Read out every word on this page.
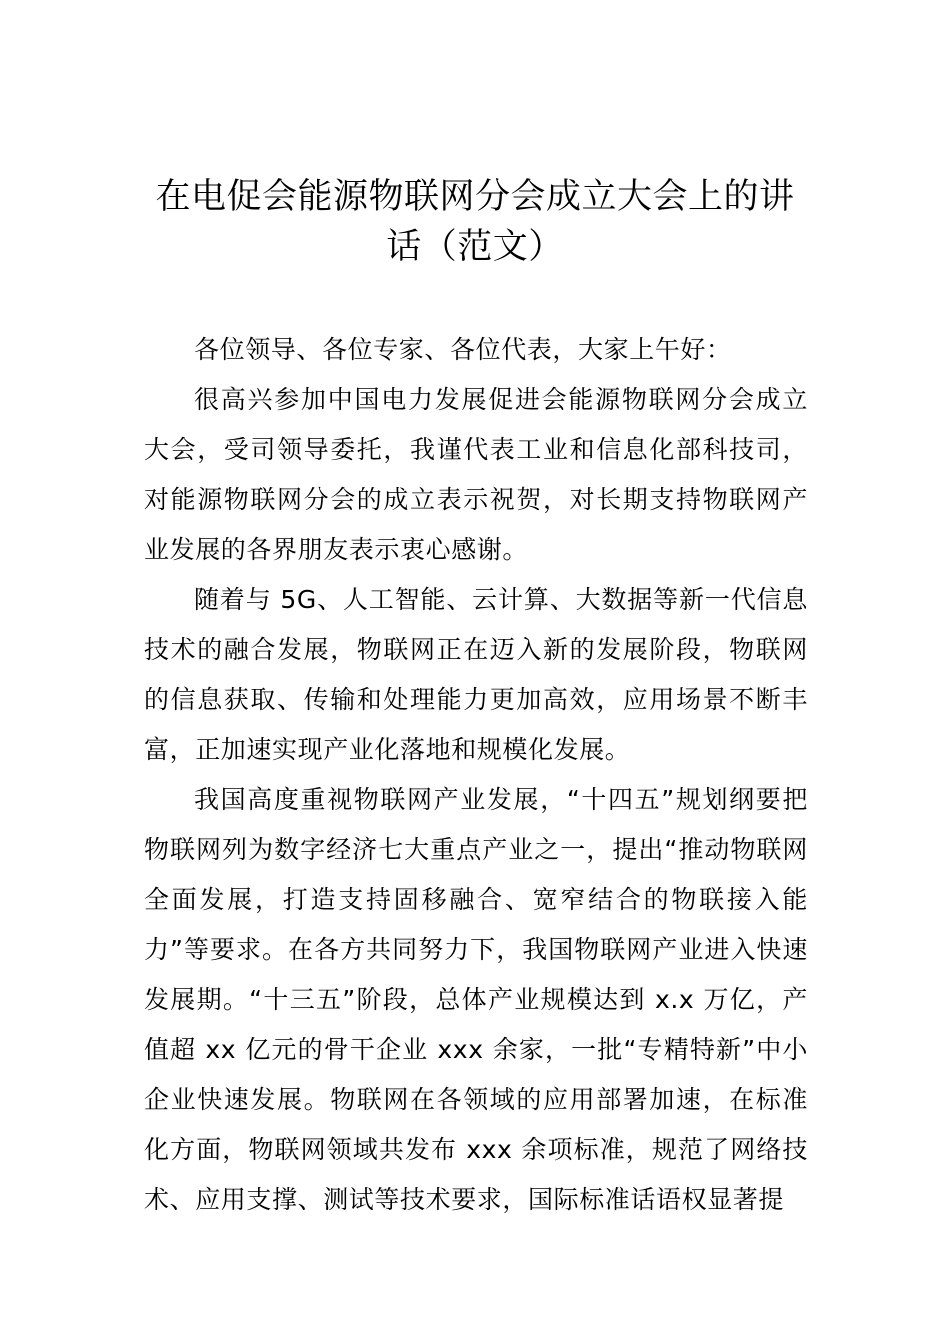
在电促会能源物联网分会成立大会上的讲
话（范文）

各位领导、各位专家、各位代表，大家上午好：

很高兴参加中国电力发展促进会能源物联网分会成立大会，受司领导委托，我谨代表工业和信息化部科技司，对能源物联网分会的成立表示祝贺，对长期支持物联网产业发展的各界朋友表示衷心感谢。

随着与 5G、人工智能、云计算、大数据等新一代信息技术的融合发展，物联网正在迈入新的发展阶段，物联网的信息获取、传输和处理能力更加高效，应用场景不断丰富，正加速实现产业化落地和规模化发展。

我国高度重视物联网产业发展，“十四五”规划纲要把物联网列为数字经济七大重点产业之一，提出“推动物联网全面发展，打造支持固移融合、宽窄结合的物联接入能力”等要求。在各方共同努力下，我国物联网产业进入快速发展期。“十三五”阶段，总体产业规模达到 x.x 万亿，产值超 xx 亿元的骨干企业 xxx 余家，一批“专精特新”中小企业快速发展。物联网在各领域的应用部署加速，在标准化方面，物联网领域共发布 xxx 余项标准，规范了网络技术、应用支撑、测试等技术要求，国际标准话语权显著提
